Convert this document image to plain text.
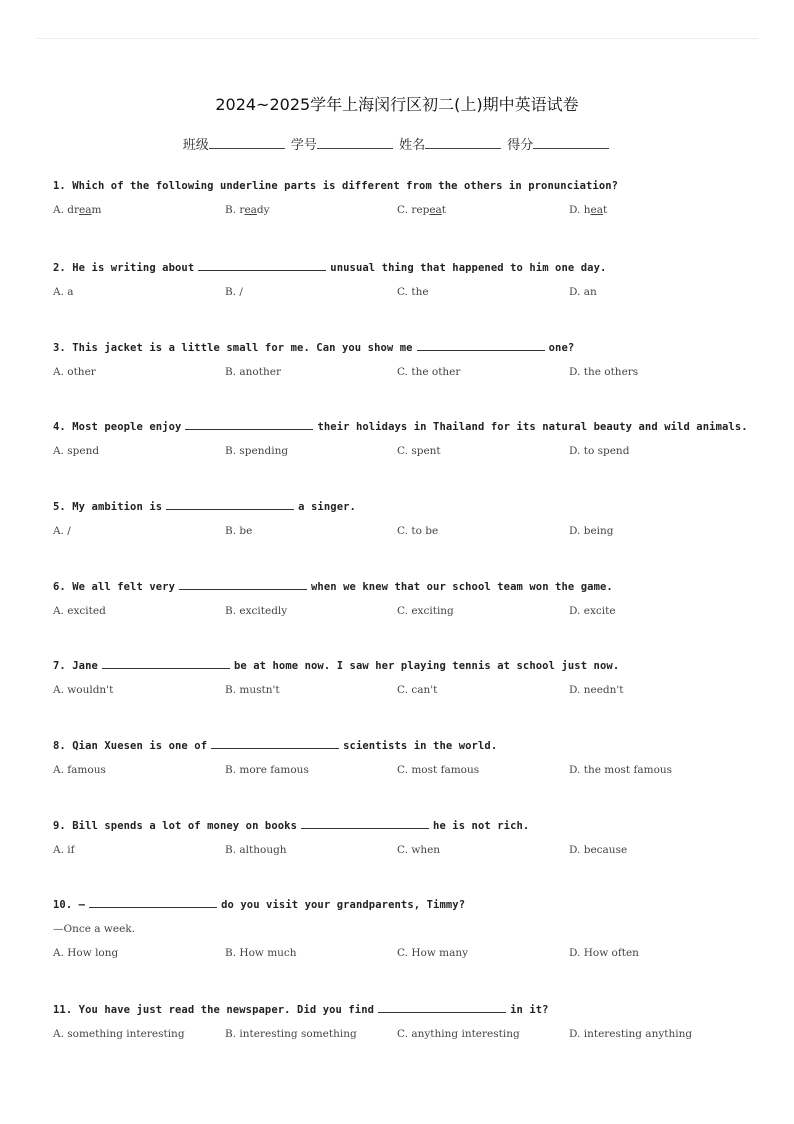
2024~2025学年上海闵行区初二(上)期中英语试卷
班级	学号	姓名	得分
1. Which of the following underline parts is different from the others in pronunciation?
A. dream	B. ready	C. repeat	D. heat
2. He is writing about	unusual thing that happened to him one day.
A. a	B. /	C. the	D. an
3. This jacket is a little small for me. Can you show me	one?
A. other	B. another	C. the other	D. the others
4. Most people enjoy	their holidays in Thailand for its natural beauty and wild animals.
A. spend	B. spending	C. spent	D. to spend
5. My ambition is	a singer.
A. /	B. be	C. to be	D. being
6. We all felt very	when we knew that our school team won the game.
A. excited	B. excitedly	C. exciting	D. excite
7. Jane	be at home now. I saw her playing tennis at school just now.
A. wouldn't	B. mustn't	C. can't	D. needn't
8. Qian Xuesen is one of	scientists in the world.
A. famous	B. more famous	C. most famous	D. the most famous
9. Bill spends a lot of money on books	he is not rich.
A. if	B. although	C. when	D. because
10. —	do you visit your grandparents, Timmy?
—Once a week.
A. How long	B. How much	C. How many	D. How often
11. You have just read the newspaper. Did you find	in it?
A. something interesting	B. interesting something	C. anything interesting	D. interesting anything
